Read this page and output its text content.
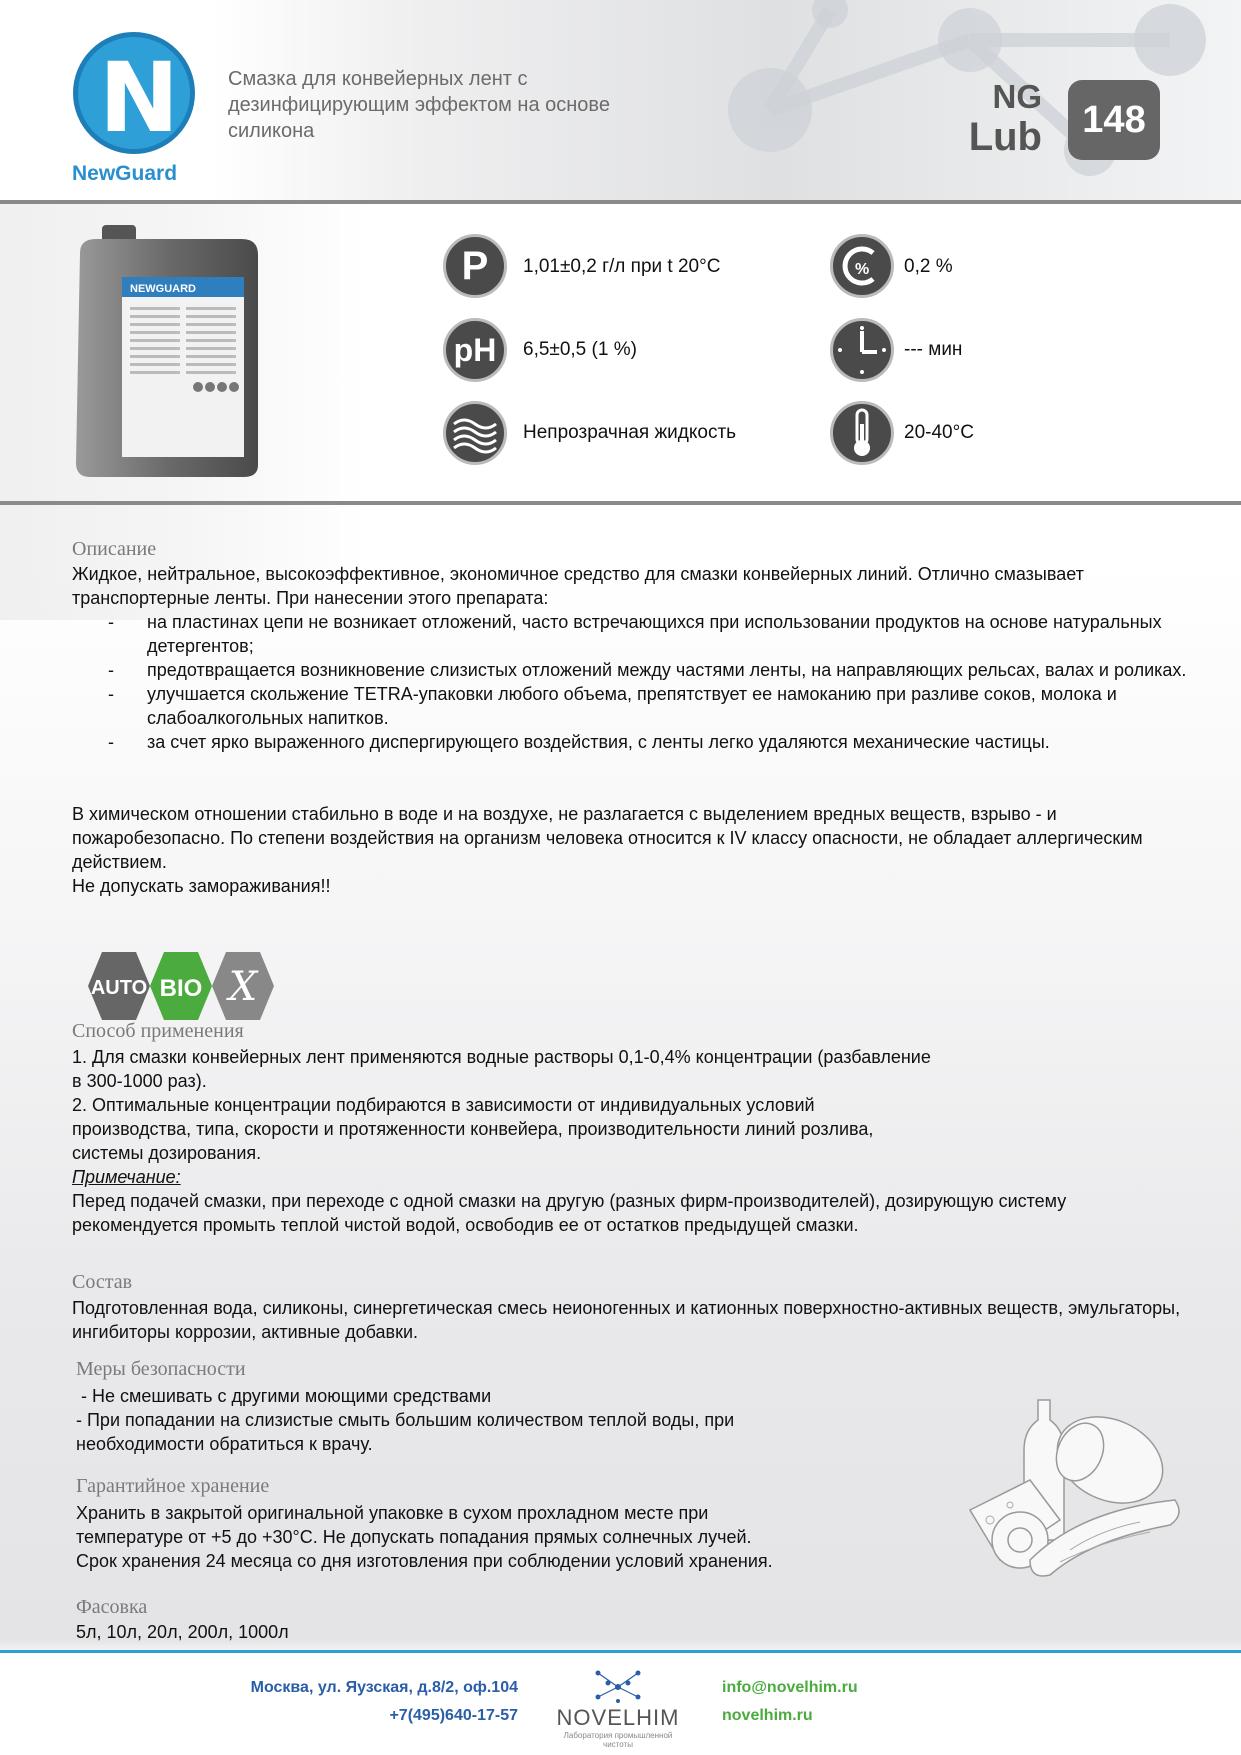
N
NewGuard
Смазка для конвейерных лент с дезинфицирующим эффектом на основе силикона
NG
Lub	148
NEWGUARD
P	1,01±0,2 г/л при t 20°C	% 0,2 %
pH	6,5±0,5 (1 %)	--- мин
Непрозрачная жидкость	20-40°C
Описание
Жидкое, нейтральное, высокоэффективное, экономичное средство для смазки конвейерных линий. Отлично смазывает транспортерные ленты. При нанесении этого препарата:
- на пластинах цепи не возникает отложений, часто встречающихся при использовании продуктов на основе натуральных детергентов;
- предотвращается возникновение слизистых отложений между частями ленты, на направляющих рельсах, валах и роликах.
- улучшается скольжение TETRA-упаковки любого объема, препятствует ее намоканию при разливе соков, молока и слабоалкогольных напитков.
- за счет ярко выраженного диспергирующего воздействия, с ленты легко удаляются механические частицы.
В химическом отношении стабильно в воде и на воздухе, не разлагается с выделением вредных веществ, взрыво - и пожаробезопасно. По степени воздействия на организм человека относится к IV классу опасности, не обладает аллергическим действием.
Не допускать замораживания!!
AUTO BIO X
Способ применения
1. Для смазки конвейерных лент применяются водные растворы 0,1-0,4% концентрации (разбавление
в 300-1000 раз).
2. Оптимальные концентрации подбираются в зависимости от индивидуальных условий
производства, типа, скорости и протяженности конвейера, производительности линий розлива,
системы дозирования.
Примечание:
Перед подачей смазки, при переходе с одной смазки на другую (разных фирм-производителей), дозирующую систему рекомендуется промыть теплой чистой водой, освободив ее от остатков предыдущей смазки.
Состав
Подготовленная вода, силиконы, синергетическая смесь неионогенных и катионных поверхностно-активных веществ, эмульгаторы, ингибиторы коррозии, активные добавки.
Меры безопасности
- Не смешивать с другими моющими средствами
- При попадании на слизистые смыть большим количеством теплой воды, при
необходимости обратиться к врачу.
Гарантийное хранение
Хранить в закрытой оригинальной упаковке в сухом прохладном месте при
температуре от +5 до +30°С. Не допускать попадания прямых солнечных лучей.
Срок хранения 24 месяца со дня изготовления при соблюдении условий хранения.
Фасовка
5л, 10л, 20л, 200л, 1000л
Москва, ул. Яузская, д.8/2, оф.104
+7(495)640-17-57 NOVELHIM
Лаборатория промышленной чистоты
info@novelhim.ru
novelhim.ru
